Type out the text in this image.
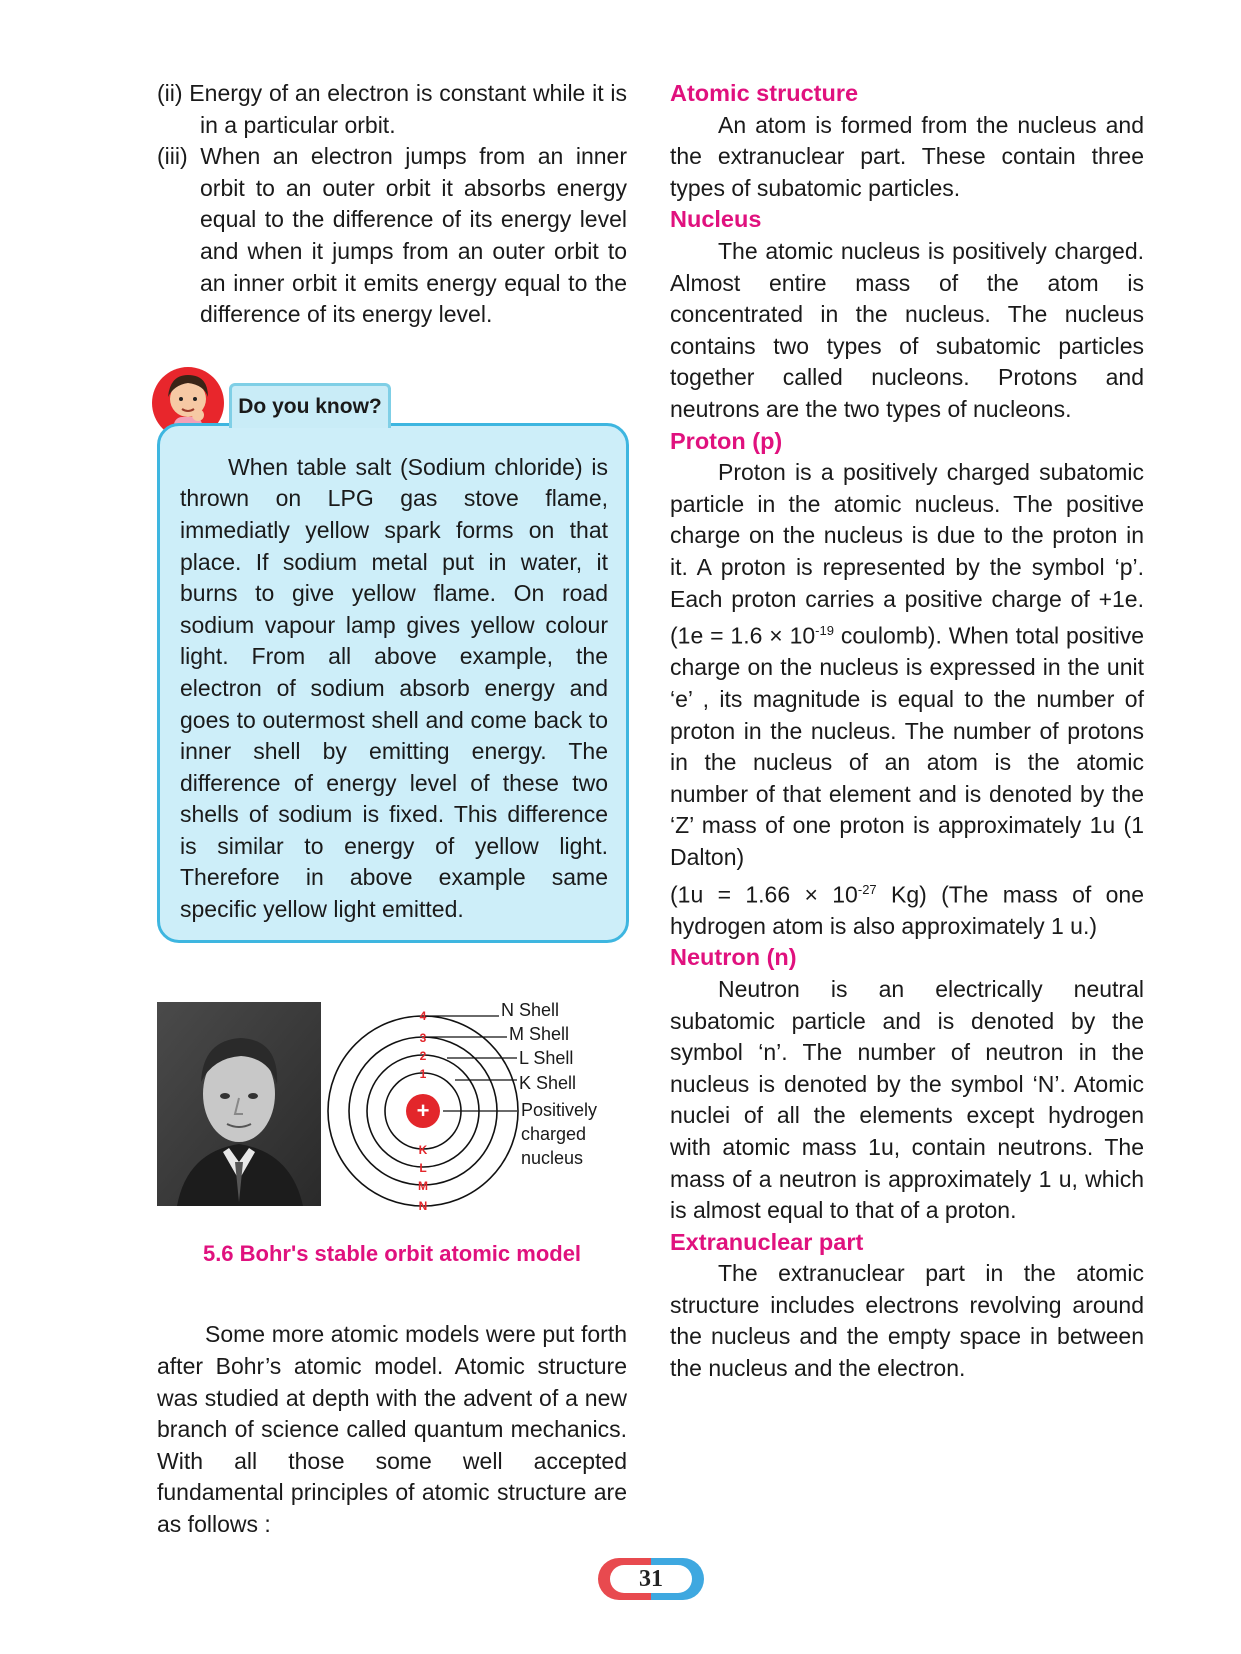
(ii) Energy of an electron is constant while it is in a particular orbit.

(iii) When an electron jumps from an inner orbit to an outer orbit it absorbs energy equal to the difference of its energy level and when it jumps from an outer orbit to an inner orbit it emits energy equal to the difference of its energy level.

Do you know?

When table salt (Sodium chloride) is thrown on LPG gas stove flame, immediatly yellow spark forms on that place. If sodium metal put in water, it burns to give yellow flame. On road sodium vapour lamp gives yellow colour light. From all above example, the electron of sodium absorb energy and goes to outermost shell and come back to inner shell by emitting energy. The difference of energy level of these two shells of sodium is fixed. This difference is similar to energy of yellow light. Therefore in above example same specific yellow light emitted.

+
4
3
2
1
K
L
M
N
N Shell
M Shell
L Shell
K Shell
Positively
charged
nucleus

5.6 Bohr's stable orbit atomic model

Some more atomic models were put forth after Bohr’s atomic model. Atomic structure was studied at depth with the advent of a new branch of science called quantum mechanics. With all those some well accepted fundamental principles of atomic structure are as follows :

Atomic structure

An atom is formed from the nucleus and the extranuclear part. These contain three types of subatomic particles.

Nucleus

The atomic nucleus is positively charged. Almost entire mass of the atom is concentrated in the nucleus. The nucleus contains two types of subatomic particles together called nucleons. Protons and neutrons are the two types of nucleons.

Proton (p)

Proton is a positively charged subatomic particle in the atomic nucleus. The positive charge on the nucleus is due to the proton in it. A proton is represented by the symbol ‘p’. Each proton carries a positive charge of +1e. ($1e = 1.6 \times 10^{-19}$ coulomb). When total positive charge on the nucleus is expressed in the unit ‘e’ , its magnitude is equal to the number of proton in the nucleus. The number of protons in the nucleus of an atom is the atomic number of that element and is denoted by the ‘Z’ mass of one proton is approximately 1u (1 Dalton)

($1u = 1.66 \times 10^{-27}$ Kg) (The mass of one hydrogen atom is also approximately 1 u.)

Neutron (n)

Neutron is an electrically neutral subatomic particle and is denoted by the symbol ‘n’. The number of neutron in the nucleus is denoted by the symbol ‘N’. Atomic nuclei of all the elements except hydrogen with atomic mass 1u, contain neutrons. The mass of a neutron is approximately 1 u, which is almost equal to that of a proton.

Extranuclear part

The extranuclear part in the atomic structure includes electrons revolving around the nucleus and the empty space in between the nucleus and the electron.

31
